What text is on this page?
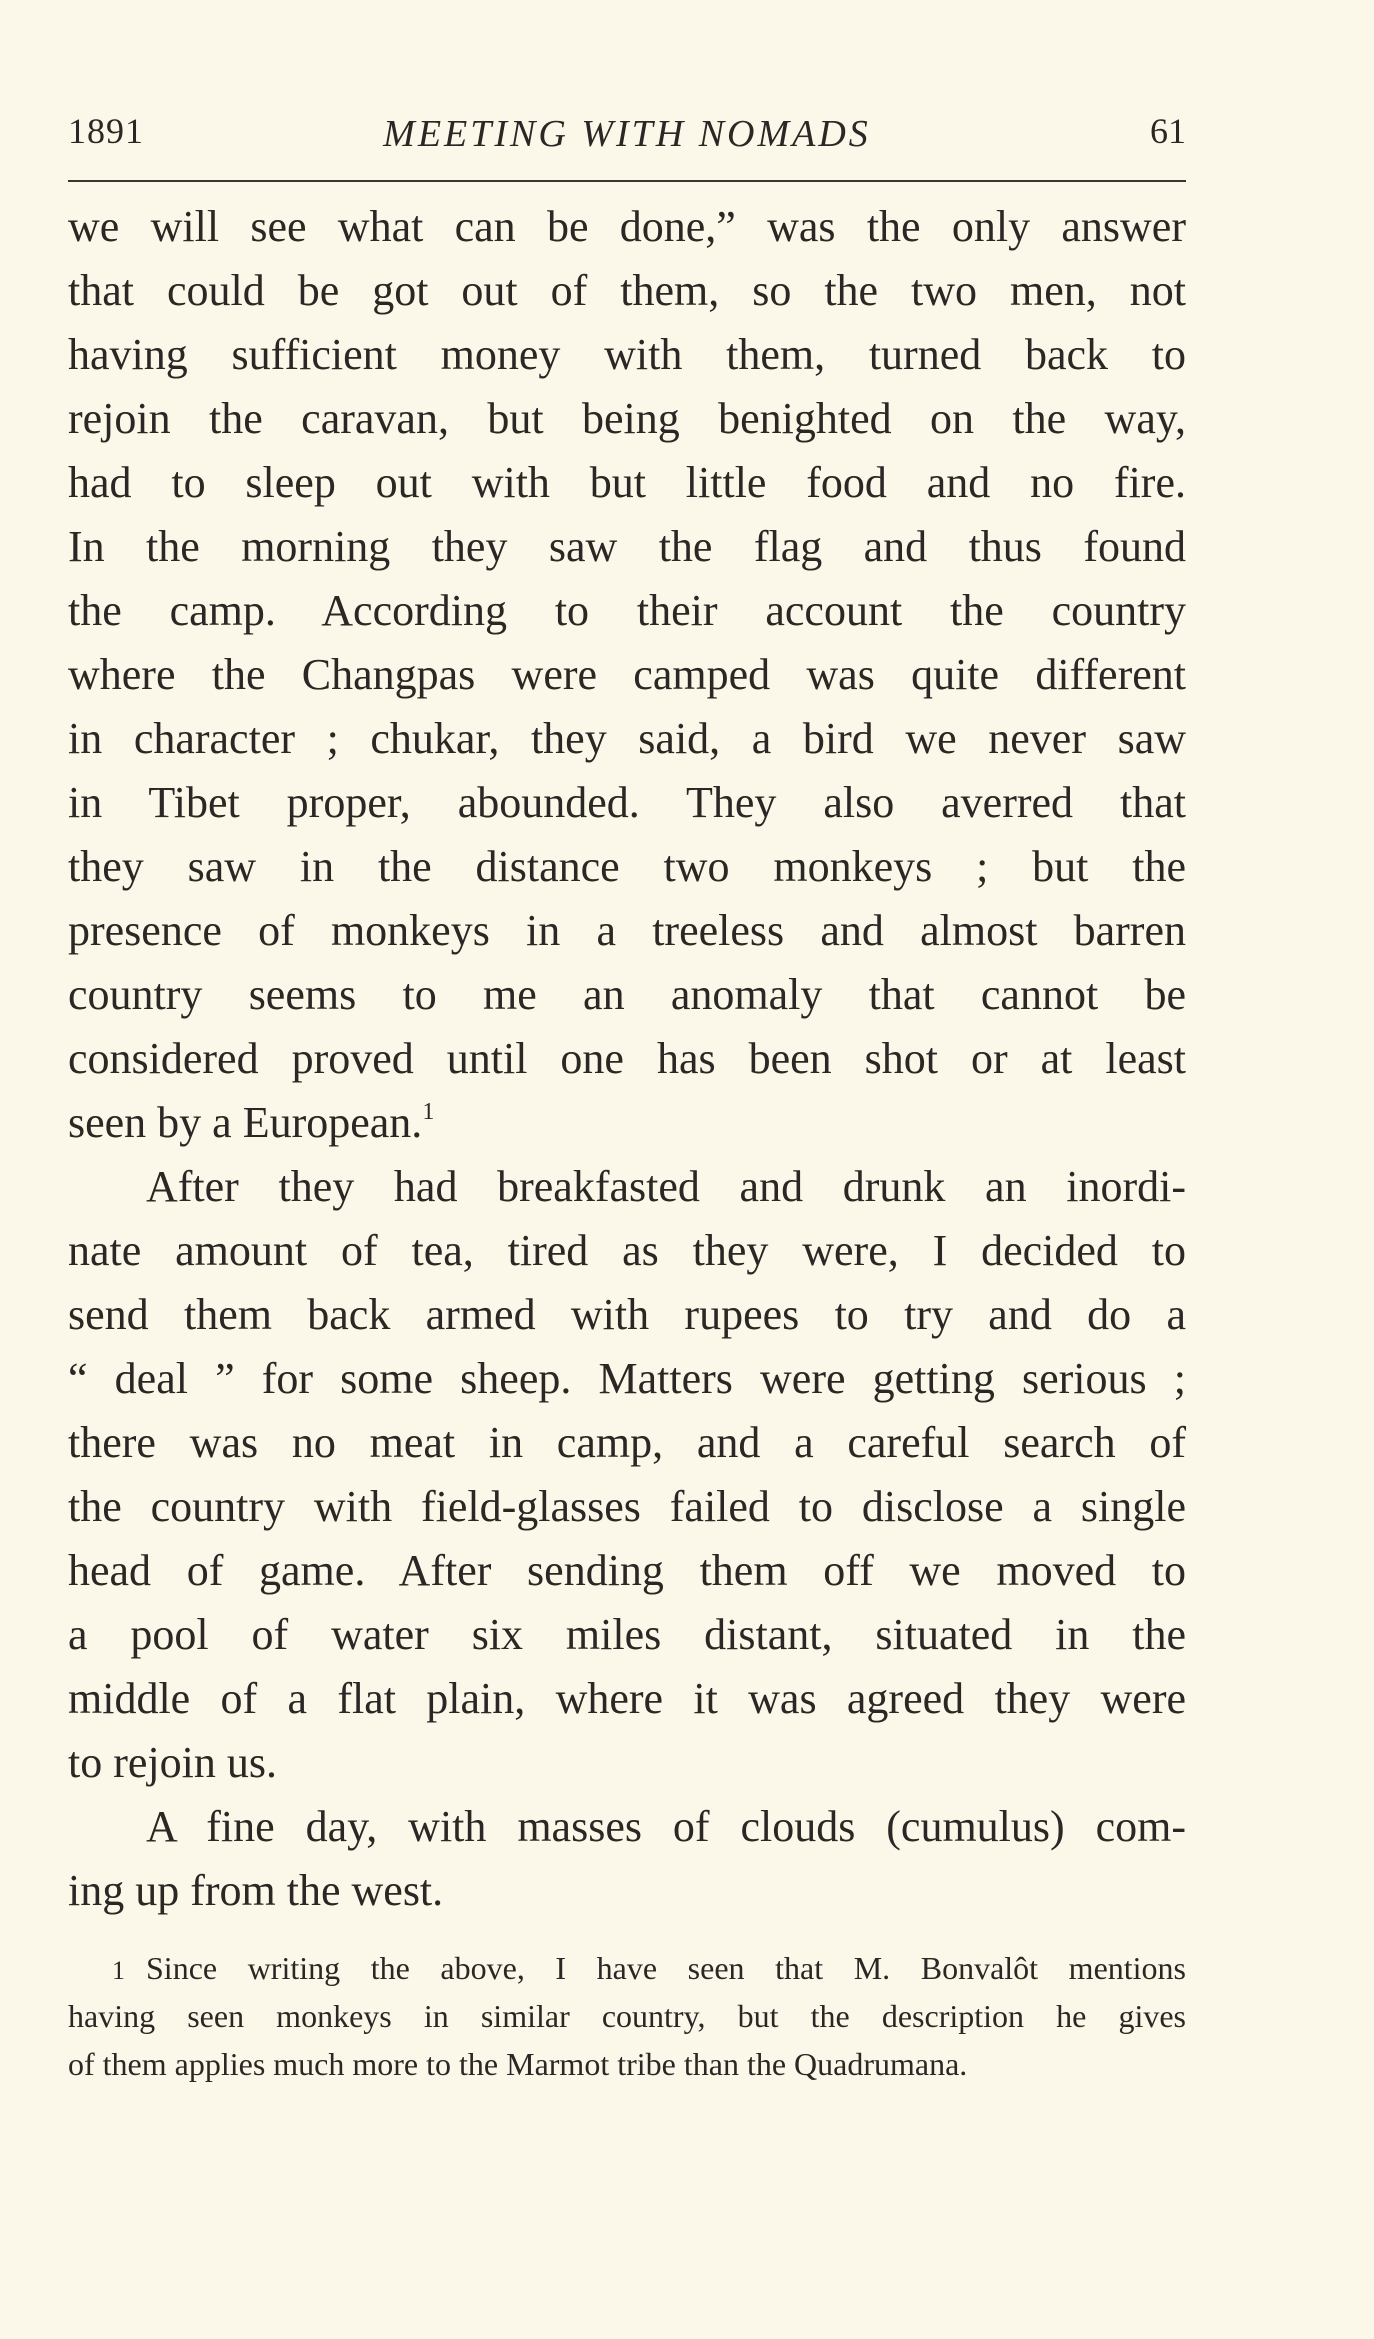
1891	MEETING WITH NOMADS	61
we will see what can be done,” was the only answer
that could be got out of them, so the two men, not
having sufficient money with them, turned back to
rejoin the caravan, but being benighted on the way,
had to sleep out with but little food and no fire.
In the morning they saw the flag and thus found
the camp. According to their account the country
where the Changpas were camped was quite different
in character ; chukar, they said, a bird we never saw
in Tibet proper, abounded. They also averred that
they saw in the distance two monkeys ; but the
presence of monkeys in a treeless and almost barren
country seems to me an anomaly that cannot be
considered proved until one has been shot or at least
seen by a European.$^1$
After they had breakfasted and drunk an inordi-
nate amount of tea, tired as they were, I decided to
send them back armed with rupees to try and do a
“ deal ” for some sheep. Matters were getting serious ;
there was no meat in camp, and a careful search of
the country with field-glasses failed to disclose a single
head of game. After sending them off we moved to
a pool of water six miles distant, situated in the
middle of a flat plain, where it was agreed they were
to rejoin us.
A fine day, with masses of clouds (cumulus) com-
ing up from the west.
1 Since writing the above, I have seen that M. Bonvalôt mentions
having seen monkeys in similar country, but the description he gives
of them applies much more to the Marmot tribe than the Quadrumana.
